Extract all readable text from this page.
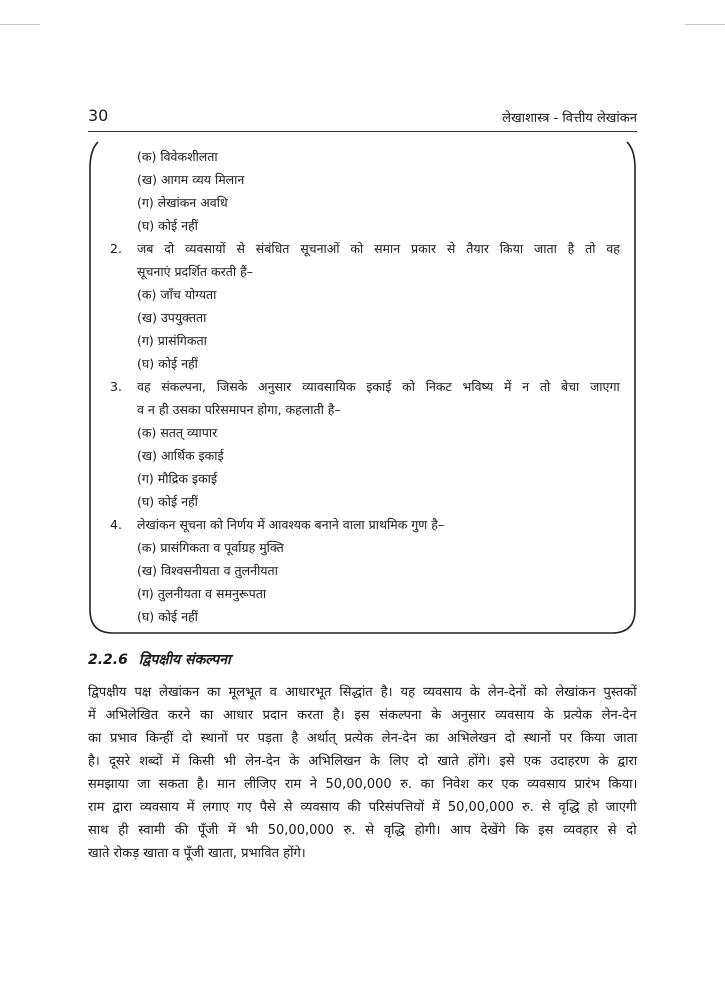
30	लेखाशास्त्र - वित्तीय लेखांकन
(क) विवेकशीलता
(ख) आगम व्यय मिलान
(ग) लेखांकन अवधि
(घ) कोई नहीं
2. जब दो व्यवसायों से संबंधित सूचनाओं को समान प्रकार से तैयार किया जाता है तो वह
सूचनाएं प्रदर्शित करती हैं–
(क) जाँच योग्यता
(ख) उपयुक्तता
(ग) प्रासंगिकता
(घ) कोई नहीं
3. वह संकल्पना, जिसके अनुसार व्यावसायिक इकाई को निकट भविष्य में न तो बेचा जाएगा
व न ही उसका परिसमापन होगा, कहलाती है–
(क) सतत् व्यापार
(ख) आर्थिक इकाई
(ग) मौद्रिक इकाई
(घ) कोई नहीं
4. लेखांकन सूचना को निर्णय में आवश्यक बनाने वाला प्राथमिक गुण है–
(क) प्रासंगिकता व पूर्वाग्रह मुक्ति
(ख) विश्वसनीयता व तुलनीयता
(ग) तुलनीयता व समनुरूपता
(घ) कोई नहीं
2.2.6 द्विपक्षीय संकल्पना
द्विपक्षीय पक्ष लेखांकन का मूलभूत व आधारभूत सिद्धांत है। यह व्यवसाय के लेन-देनों को लेखांकन पुस्तकों
में अभिलेखित करने का आधार प्रदान करता है। इस संकल्पना के अनुसार व्यवसाय के प्रत्येक लेन-देन
का प्रभाव किन्हीं दो स्थानों पर पड़ता है अर्थात् प्रत्येक लेन-देन का अभिलेखन दो स्थानों पर किया जाता
है। दूसरे शब्दों में किसी भी लेन-देन के अभिलिखन के लिए दो खाते होंगे। इसे एक उदाहरण के द्वारा
समझाया जा सकता है। मान लीजिए राम ने 50,00,000 रु. का निवेश कर एक व्यवसाय प्रारंभ किया।
राम द्वारा व्यवसाय में लगाए गए पैसे से व्यवसाय की परिसंपत्तियों में 50,00,000 रु. से वृद्धि हो जाएगी
साथ ही स्वामी की पूँजी में भी 50,00,000 रु. से वृद्धि होगी। आप देखेंगे कि इस व्यवहार से दो
खाते रोकड़ खाता व पूँजी खाता, प्रभावित होंगे।
